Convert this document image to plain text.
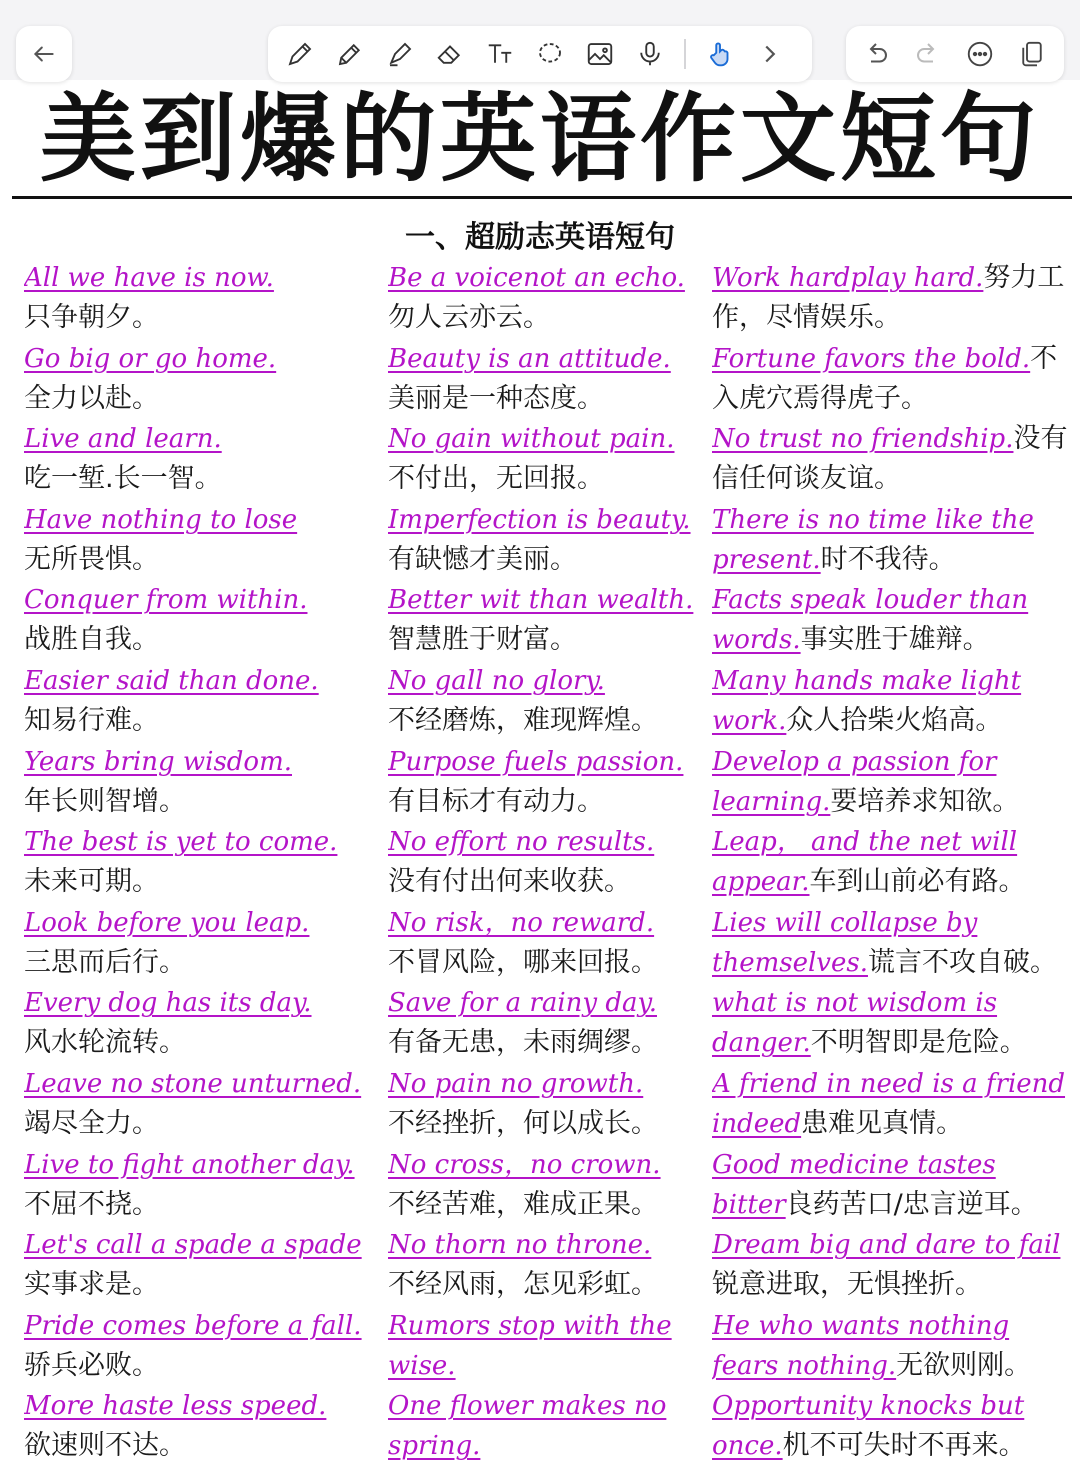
美到爆的英语作文短句
一、超励志英语短句
All we have is now.

只争朝夕。
Go big or go home.

全力以赴。
Live and learn.

吃一堑.长一智。
Have nothing to lose

无所畏惧。
Conquer from within.

战胜自我。
Easier said than done.

知易行难。
Years bring wisdom.

年长则智增。
The best is yet to come.

未来可期。
Look before you leap.

三思而后行。
Every dog has its day.

风水轮流转。
Leave no stone unturned.

竭尽全力。
Live to fight another day.

不屈不挠。
Let's call a spade a spade

实事求是。
Pride comes before a fall.

骄兵必败。
More haste less speed.

欲速则不达。
Be a voicenot an echo.

勿人云亦云。
Beauty is an attitude.

美丽是一种态度。
No gain without pain.

不付出，无回报。
Imperfection is beauty.

有缺憾才美丽。
Better wit than wealth.

智慧胜于财富。
No gall no glory.

不经磨炼，难现辉煌。
Purpose fuels passion.

有目标才有动力。
No effort no results.

没有付出何来收获。
No risk，no reward.

不冒风险，哪来回报。
Save for a rainy day.

有备无患，未雨绸缪。
No pain no growth.

不经挫折，何以成长。
No cross，no crown.

不经苦难，难成正果。
No thorn no throne.

不经风雨，怎见彩虹。
Rumors stop with the wise.

One flower makes no spring.

Work hardplay hard.努力工作，尽情娱乐。
Fortune favors the bold.不入虎穴焉得虎子。
No trust no friendship.没有信任何谈友谊。
There is no time like the present.时不我待。
Facts speak louder than words.事实胜于雄辩。
Many hands make light work.众人拾柴火焰高。
Develop a passion for learning.要培养求知欲。
Leap， and the net will appear.车到山前必有路。
Lies will collapse by themselves.谎言不攻自破。
what is not wisdom is danger.不明智即是危险。
A friend in need is a friend indeed患难见真情。
Good medicine tastes bitter良药苦口/忠言逆耳。
Dream big and dare to fail锐意进取，无惧挫折。
He who wants nothing fears nothing.无欲则刚。
Opportunity knocks but once.机不可失时不再来。
